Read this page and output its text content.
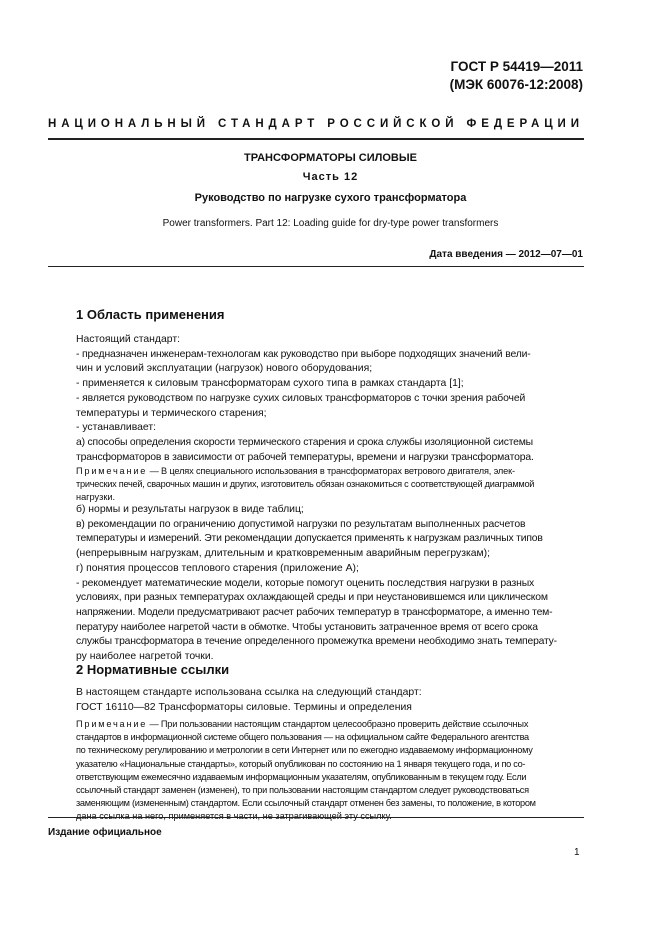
ГОСТ Р 54419—2011
(МЭК 60076-12:2008)
НАЦИОНАЛЬНЫЙ СТАНДАРТ РОССИЙСКОЙ ФЕДЕРАЦИИ
ТРАНСФОРМАТОРЫ СИЛОВЫЕ
Часть 12
Руководство по нагрузке сухого трансформатора
Power transformers. Part 12: Loading guide for dry-type power transformers
Дата введения — 2012—07—01
1 Область применения
Настоящий стандарт:
- предназначен инженерам-технологам как руководство при выборе подходящих значений вели-
чин и условий эксплуатации (нагрузок) нового оборудования;
- применяется к силовым трансформаторам сухого типа в рамках стандарта [1];
- является руководством по нагрузке сухих силовых трансформаторов с точки зрения рабочей
температуры и термического старения;
- устанавливает:
а) способы определения скорости термического старения и срока службы изоляционной системы
трансформаторов в зависимости от рабочей температуры, времени и нагрузки трансформатора.
Примечание — В целях специального использования в трансформаторах ветрового двигателя, элек-
трических печей, сварочных машин и других, изготовитель обязан ознакомиться с соответствующей диаграммой
нагрузки.
б) нормы и результаты нагрузок в виде таблиц;
в) рекомендации по ограничению допустимой нагрузки по результатам выполненных расчетов
температуры и измерений. Эти рекомендации допускается применять к нагрузкам различных типов
(непрерывным нагрузкам, длительным и кратковременным аварийным перегрузкам);
г) понятия процессов теплового старения (приложение А);
- рекомендует математические модели, которые помогут оценить последствия нагрузки в разных
условиях, при разных температурах охлаждающей среды и при неустановившемся или циклическом
напряжении. Модели предусматривают расчет рабочих температур в трансформаторе, а именно тем-
пературу наиболее нагретой части в обмотке. Чтобы установить затраченное время от всего срока
службы трансформатора в течение определенного промежутка времени необходимо знать температу-
ру наиболее нагретой точки.
2 Нормативные ссылки
В настоящем стандарте использована ссылка на следующий стандарт:
ГОСТ 16110—82 Трансформаторы силовые. Термины и определения
Примечание — При пользовании настоящим стандартом целесообразно проверить действие ссылочных
стандартов в информационной системе общего пользования — на официальном сайте Федерального агентства
по техническому регулированию и метрологии в сети Интернет или по ежегодно издаваемому информационному
указателю «Национальные стандарты», который опубликован по состоянию на 1 января текущего года, и по со-
ответствующим ежемесячно издаваемым информационным указателям, опубликованным в текущем году. Если
ссылочный стандарт заменен (изменен), то при пользовании настоящим стандартом следует руководствоваться
заменяющим (измененным) стандартом. Если ссылочный стандарт отменен без замены, то положение, в котором
Издание официальное
1
